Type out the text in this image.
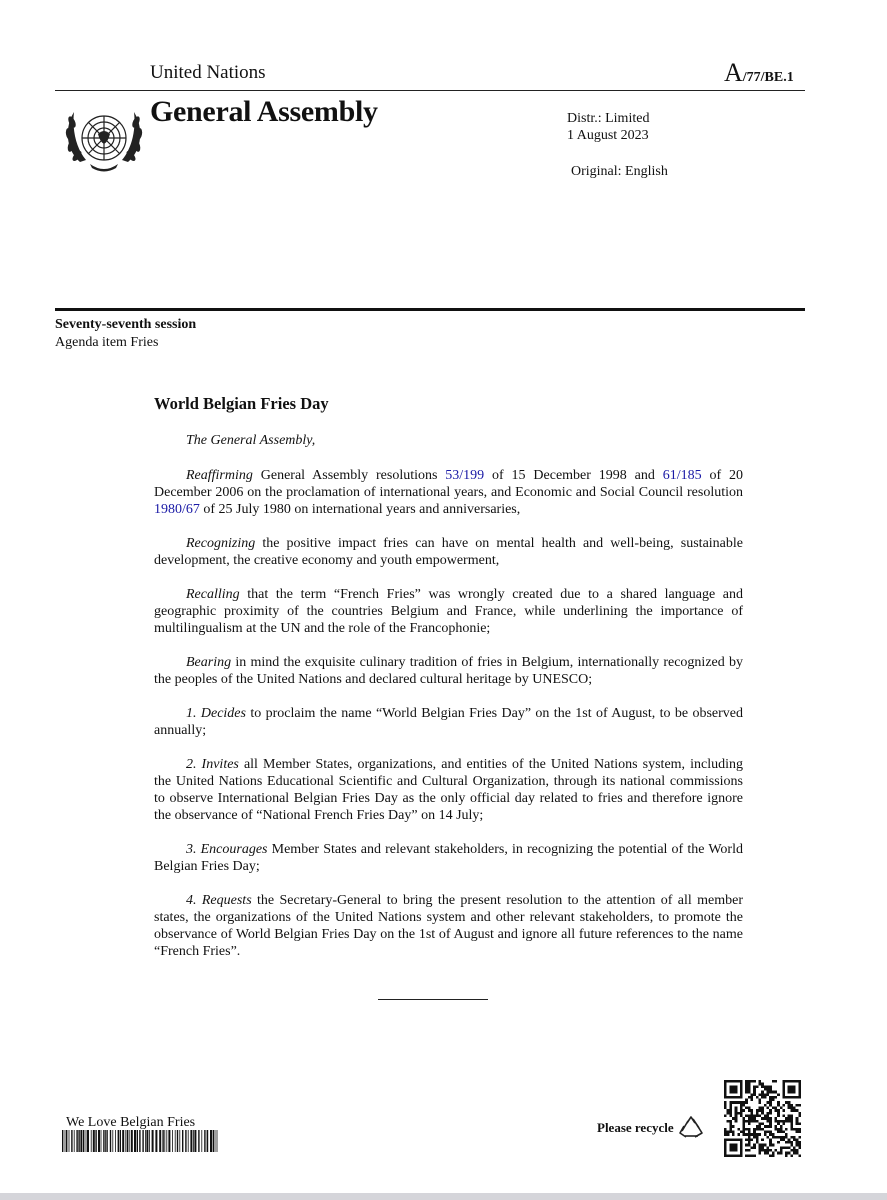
United Nations	A/77/BE.1
General Assembly	Distr.: Limited
1 August 2023
Original: English
Seventy-seventh session
Agenda item Fries
World Belgian Fries Day

The General Assembly,

Reaffirming General Assembly resolutions 53/199 of 15 December 1998 and 61/185 of 20 December 2006 on the proclamation of international years, and Economic and Social Council resolution 1980/67 of 25 July 1980 on international years and anniversaries,

Recognizing the positive impact fries can have on mental health and well-being, sustainable development, the creative economy and youth empowerment,

Recalling that the term “French Fries” was wrongly created due to a shared language and geographic proximity of the countries Belgium and France, while underlining the importance of multilingualism at the UN and the role of the Francophonie;

Bearing in mind the exquisite culinary tradition of fries in Belgium, internationally recognized by the peoples of the United Nations and declared cultural heritage by UNESCO;

1. Decides to proclaim the name “World Belgian Fries Day” on the 1st of August, to be observed annually;

2. Invites all Member States, organizations, and entities of the United Nations system, including the United Nations Educational Scientific and Cultural Organization, through its national commissions to observe International Belgian Fries Day as the only official day related to fries and therefore ignore the observance of “National French Fries Day” on 14 July;

3. Encourages Member States and relevant stakeholders, in recognizing the potential of the World Belgian Fries Day;

4. Requests the Secretary-General to bring the present resolution to the attention of all member states, the organizations of the United Nations system and other relevant stakeholders, to promote the observance of World Belgian Fries Day on the 1st of August and ignore all future references to the name “French Fries”.

We Love Belgian Fries	Please recycle
